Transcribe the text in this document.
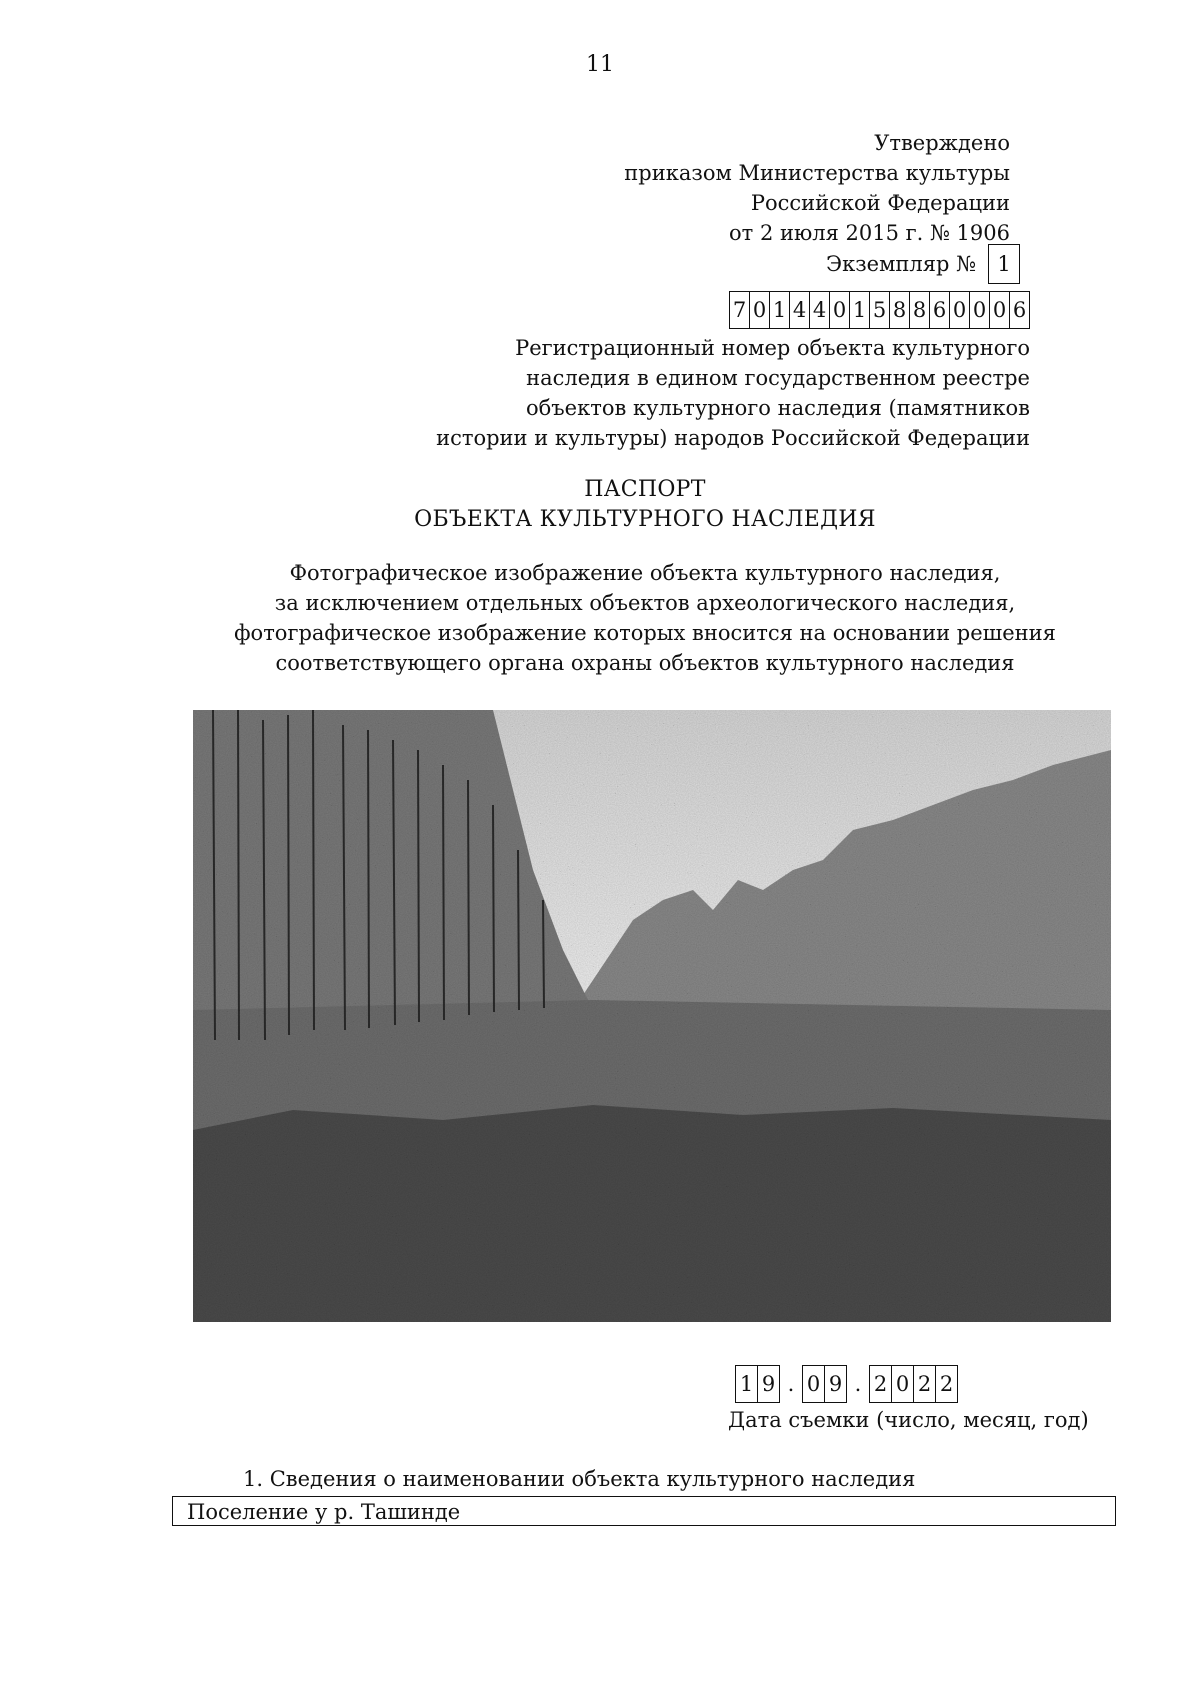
11
Утверждено
приказом Министерства культуры
Российской Федерации
от 2 июля 2015 г. № 1906
Экземпляр №	1
7 0 1 4 4 0 1 5 8 8 6 0 0 0 6
Регистрационный номер объекта культурного
наследия в едином государственном реестре
объектов культурного наследия (памятников
истории и культуры) народов Российской Федерации
ПАСПОРТ
ОБЪЕКТА КУЛЬТУРНОГО НАСЛЕДИЯ
Фотографическое изображение объекта культурного наследия,
за исключением отдельных объектов археологического наследия,
фотографическое изображение которых вносится на основании решения
соответствующего органа охраны объектов культурного наследия
1 9 . 0 9 . 2 0 2 2
Дата съемки (число, месяц, год)
1. Сведения о наименовании объекта культурного наследия
Поселение у р. Ташинде
